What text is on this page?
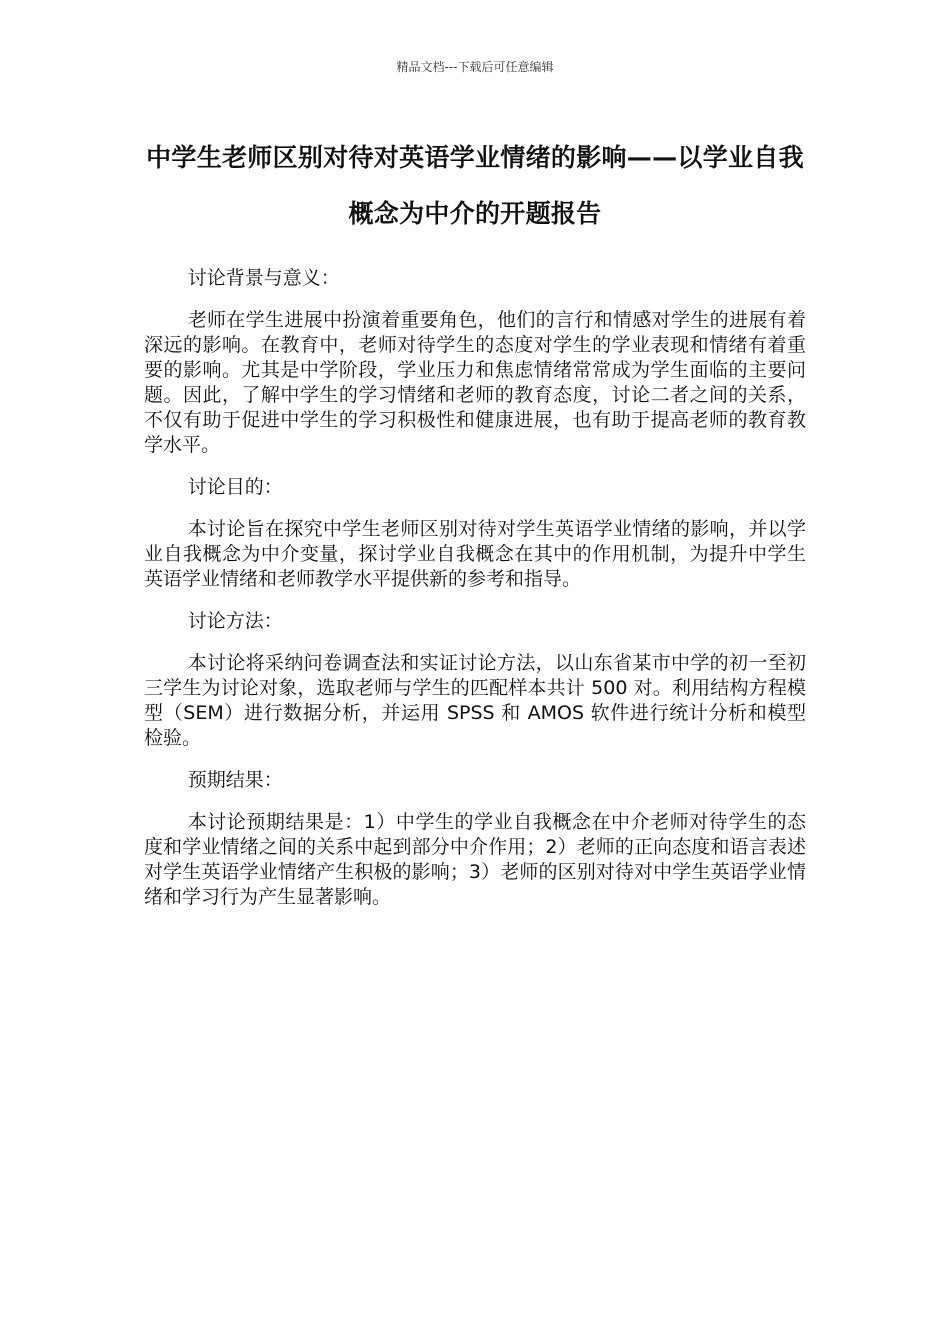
精品文档---下载后可任意编辑
中学生老师区别对待对英语学业情绪的影响——以学业自我概念为中介的开题报告

讨论背景与意义：

老师在学生进展中扮演着重要角色，他们的言行和情感对学生的进展有着深远的影响。在教育中，老师对待学生的态度对学生的学业表现和情绪有着重要的影响。尤其是中学阶段，学业压力和焦虑情绪常常成为学生面临的主要问题。因此，了解中学生的学习情绪和老师的教育态度，讨论二者之间的关系，不仅有助于促进中学生的学习积极性和健康进展，也有助于提高老师的教育教学水平。

讨论目的：

本讨论旨在探究中学生老师区别对待对学生英语学业情绪的影响，并以学业自我概念为中介变量，探讨学业自我概念在其中的作用机制，为提升中学生英语学业情绪和老师教学水平提供新的参考和指导。

讨论方法：

本讨论将采纳问卷调查法和实证讨论方法，以山东省某市中学的初一至初三学生为讨论对象，选取老师与学生的匹配样本共计 500 对。利用结构方程模型（SEM）进行数据分析，并运用 SPSS 和 AMOS 软件进行统计分析和模型检验。

预期结果：

本讨论预期结果是：1）中学生的学业自我概念在中介老师对待学生的态度和学业情绪之间的关系中起到部分中介作用；2）老师的正向态度和语言表述对学生英语学业情绪产生积极的影响；3）老师的区别对待对中学生英语学业情绪和学习行为产生显著影响。
